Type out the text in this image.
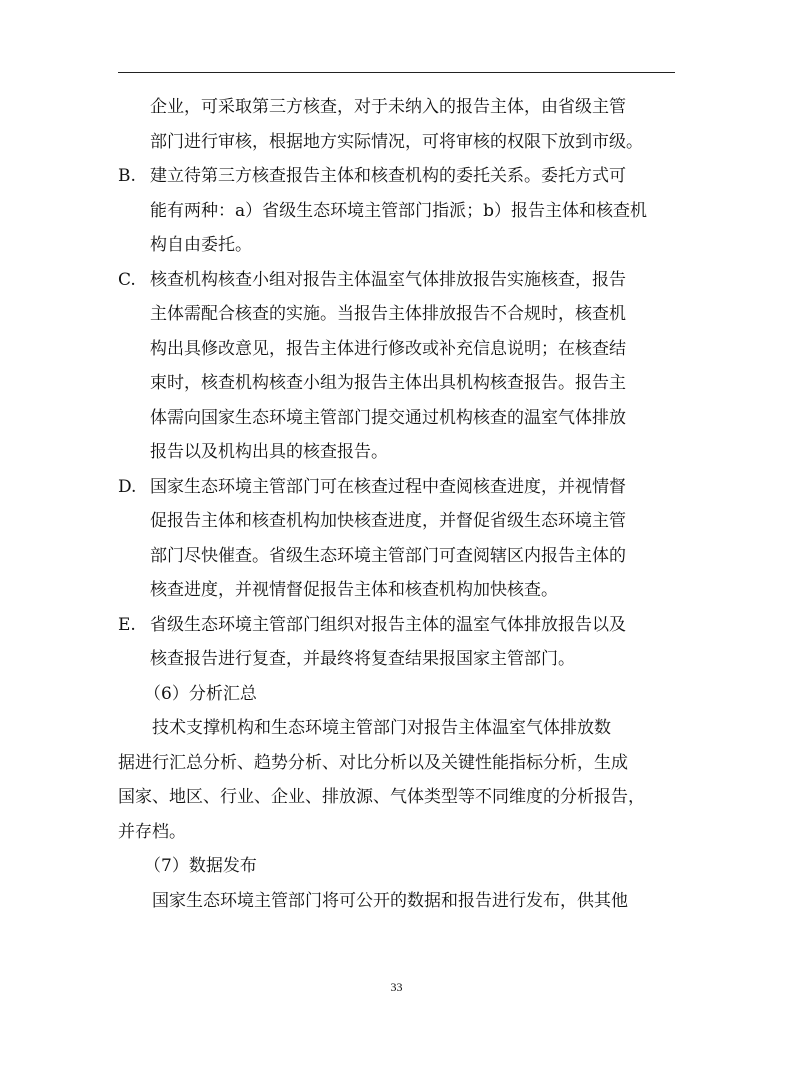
企业，可采取第三方核查，对于未纳入的报告主体，由省级主管
部门进行审核，根据地方实际情况，可将审核的权限下放到市级。
B. 建立待第三方核查报告主体和核查机构的委托关系。委托方式可
能有两种：a）省级生态环境主管部门指派；b）报告主体和核查机
构自由委托。
C. 核查机构核查小组对报告主体温室气体排放报告实施核查，报告
主体需配合核查的实施。当报告主体排放报告不合规时，核查机
构出具修改意见，报告主体进行修改或补充信息说明；在核查结
束时，核查机构核查小组为报告主体出具机构核查报告。报告主
体需向国家生态环境主管部门提交通过机构核查的温室气体排放
报告以及机构出具的核查报告。
D. 国家生态环境主管部门可在核查过程中查阅核查进度，并视情督
促报告主体和核查机构加快核查进度，并督促省级生态环境主管
部门尽快催查。省级生态环境主管部门可查阅辖区内报告主体的
核查进度，并视情督促报告主体和核查机构加快核查。
E. 省级生态环境主管部门组织对报告主体的温室气体排放报告以及
核查报告进行复查，并最终将复查结果报国家主管部门。
（6）分析汇总
技术支撑机构和生态环境主管部门对报告主体温室气体排放数
据进行汇总分析、趋势分析、对比分析以及关键性能指标分析，生成
国家、地区、行业、企业、排放源、气体类型等不同维度的分析报告，
并存档。
（7）数据发布
国家生态环境主管部门将可公开的数据和报告进行发布，供其他
33
